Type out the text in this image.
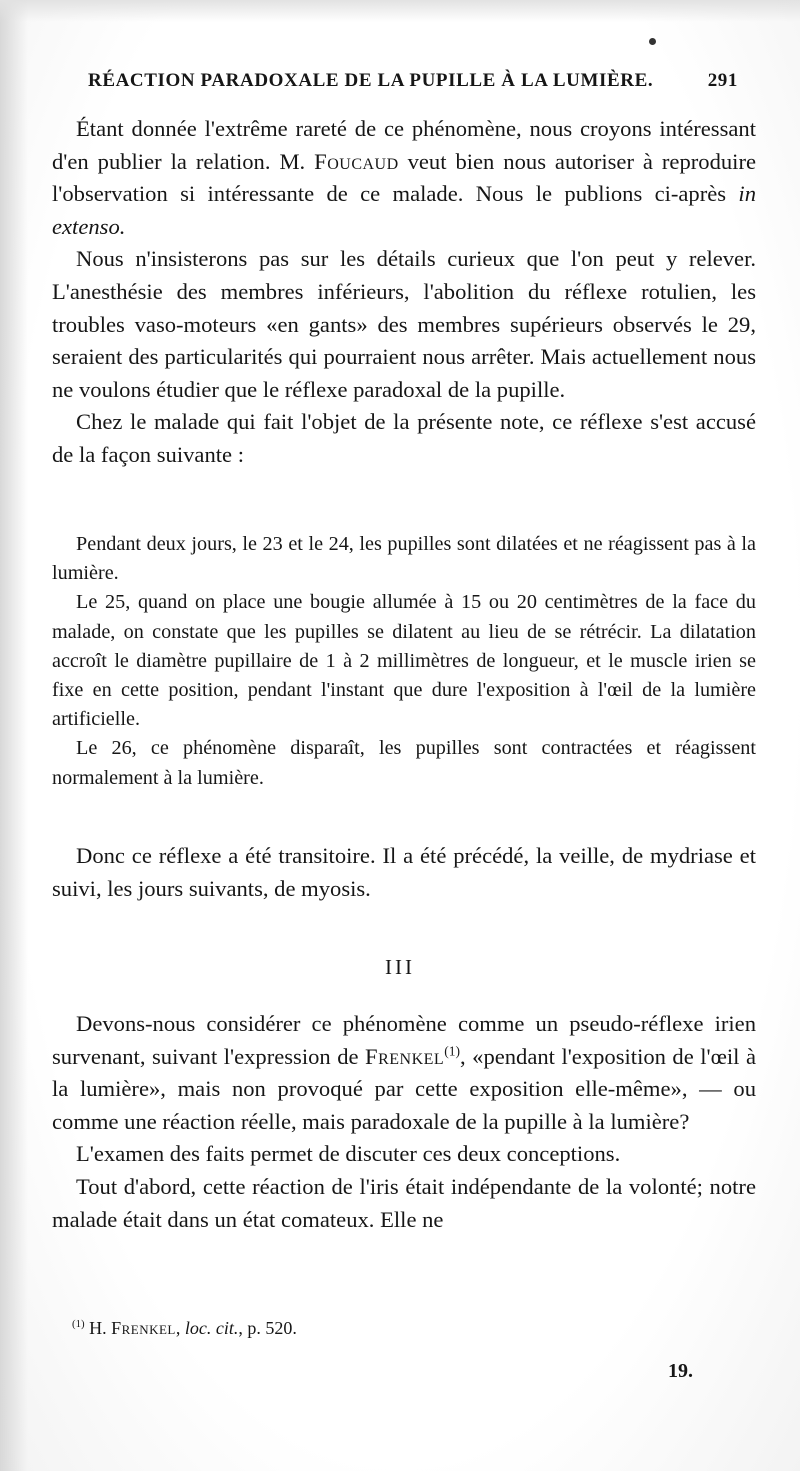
RÉACTION PARADOXALE DE LA PUPILLE À LA LUMIÈRE.	291

Étant donnée l'extrême rareté de ce phénomène, nous croyons intéressant d'en publier la relation. M. Foucaud veut bien nous autoriser à reproduire l'observation si intéressante de ce malade. Nous le publions ci-après in extenso.

Nous n'insisterons pas sur les détails curieux que l'on peut y relever. L'anesthésie des membres inférieurs, l'abolition du réflexe rotulien, les troubles vaso-moteurs «en gants» des membres supérieurs observés le 29, seraient des particularités qui pourraient nous arrêter. Mais actuellement nous ne voulons étudier que le réflexe paradoxal de la pupille.

Chez le malade qui fait l'objet de la présente note, ce réflexe s'est accusé de la façon suivante :

Pendant deux jours, le 23 et le 24, les pupilles sont dilatées et ne réagissent pas à la lumière.

Le 25, quand on place une bougie allumée à 15 ou 20 centimètres de la face du malade, on constate que les pupilles se dilatent au lieu de se rétrécir. La dilatation accroît le diamètre pupillaire de 1 à 2 millimètres de longueur, et le muscle irien se fixe en cette position, pendant l'instant que dure l'exposition à l'œil de la lumière artificielle.

Le 26, ce phénomène disparaît, les pupilles sont contractées et réagissent normalement à la lumière.

Donc ce réflexe a été transitoire. Il a été précédé, la veille, de mydriase et suivi, les jours suivants, de myosis.

III

Devons-nous considérer ce phénomène comme un pseudo-réflexe irien survenant, suivant l'expression de Frenkel$^{(1)}$, «pendant l'exposition de l'œil à la lumière», mais non provoqué par cette exposition elle-même», — ou comme une réaction réelle, mais paradoxale de la pupille à la lumière?

L'examen des faits permet de discuter ces deux conceptions.

Tout d'abord, cette réaction de l'iris était indépendante de la volonté; notre malade était dans un état comateux. Elle ne

$^{(1)}$ H. Frenkel, loc. cit., p. 520.
19.
